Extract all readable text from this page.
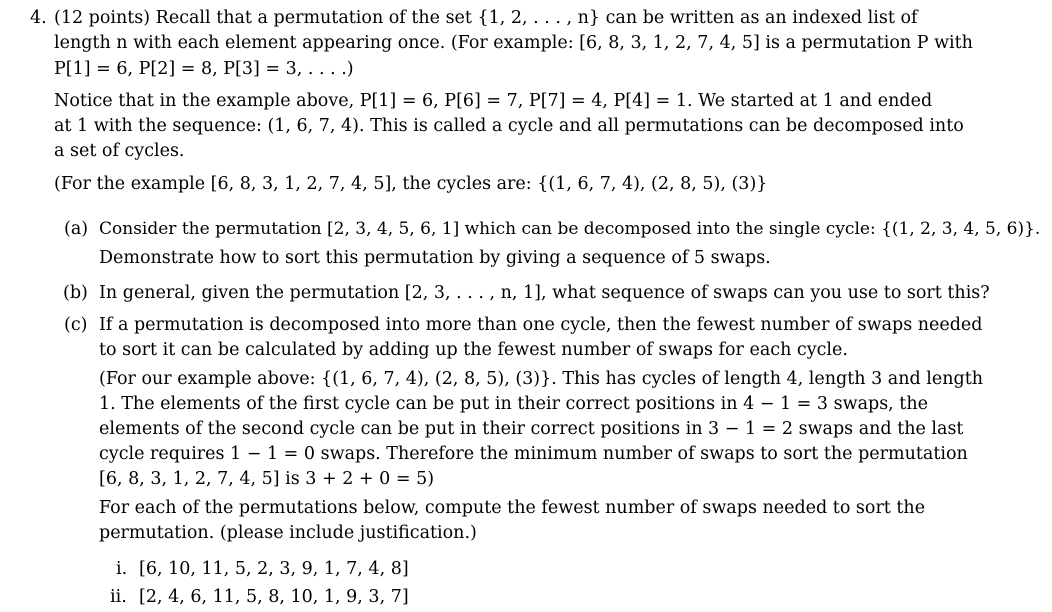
4. (12 points) Recall that a permutation of the set {1, 2, . . . , n} can be written as an indexed list of
length n with each element appearing once. (For example: [6, 8, 3, 1, 2, 7, 4, 5] is a permutation P with
P[1] = 6, P[2] = 8, P[3] = 3, . . . .)
Notice that in the example above, P[1] = 6, P[6] = 7, P[7] = 4, P[4] = 1. We started at 1 and ended
at 1 with the sequence: (1, 6, 7, 4). This is called a cycle and all permutations can be decomposed into
a set of cycles.
(For the example [6, 8, 3, 1, 2, 7, 4, 5], the cycles are: {(1, 6, 7, 4), (2, 8, 5), (3)}
(a) Consider the permutation [2, 3, 4, 5, 6, 1] which can be decomposed into the single cycle: {(1, 2, 3, 4, 5, 6)}.
Demonstrate how to sort this permutation by giving a sequence of 5 swaps.
(b) In general, given the permutation [2, 3, . . . , n, 1], what sequence of swaps can you use to sort this?
(c) If a permutation is decomposed into more than one cycle, then the fewest number of swaps needed
to sort it can be calculated by adding up the fewest number of swaps for each cycle.
(For our example above: {(1, 6, 7, 4), (2, 8, 5), (3)}. This has cycles of length 4, length 3 and length
1. The elements of the first cycle can be put in their correct positions in 4 − 1 = 3 swaps, the
elements of the second cycle can be put in their correct positions in 3 − 1 = 2 swaps and the last
cycle requires 1 − 1 = 0 swaps. Therefore the minimum number of swaps to sort the permutation
[6, 8, 3, 1, 2, 7, 4, 5] is 3 + 2 + 0 = 5)
For each of the permutations below, compute the fewest number of swaps needed to sort the
permutation. (please include justification.)
i. [6, 10, 11, 5, 2, 3, 9, 1, 7, 4, 8]
ii. [2, 4, 6, 11, 5, 8, 10, 1, 9, 3, 7]
